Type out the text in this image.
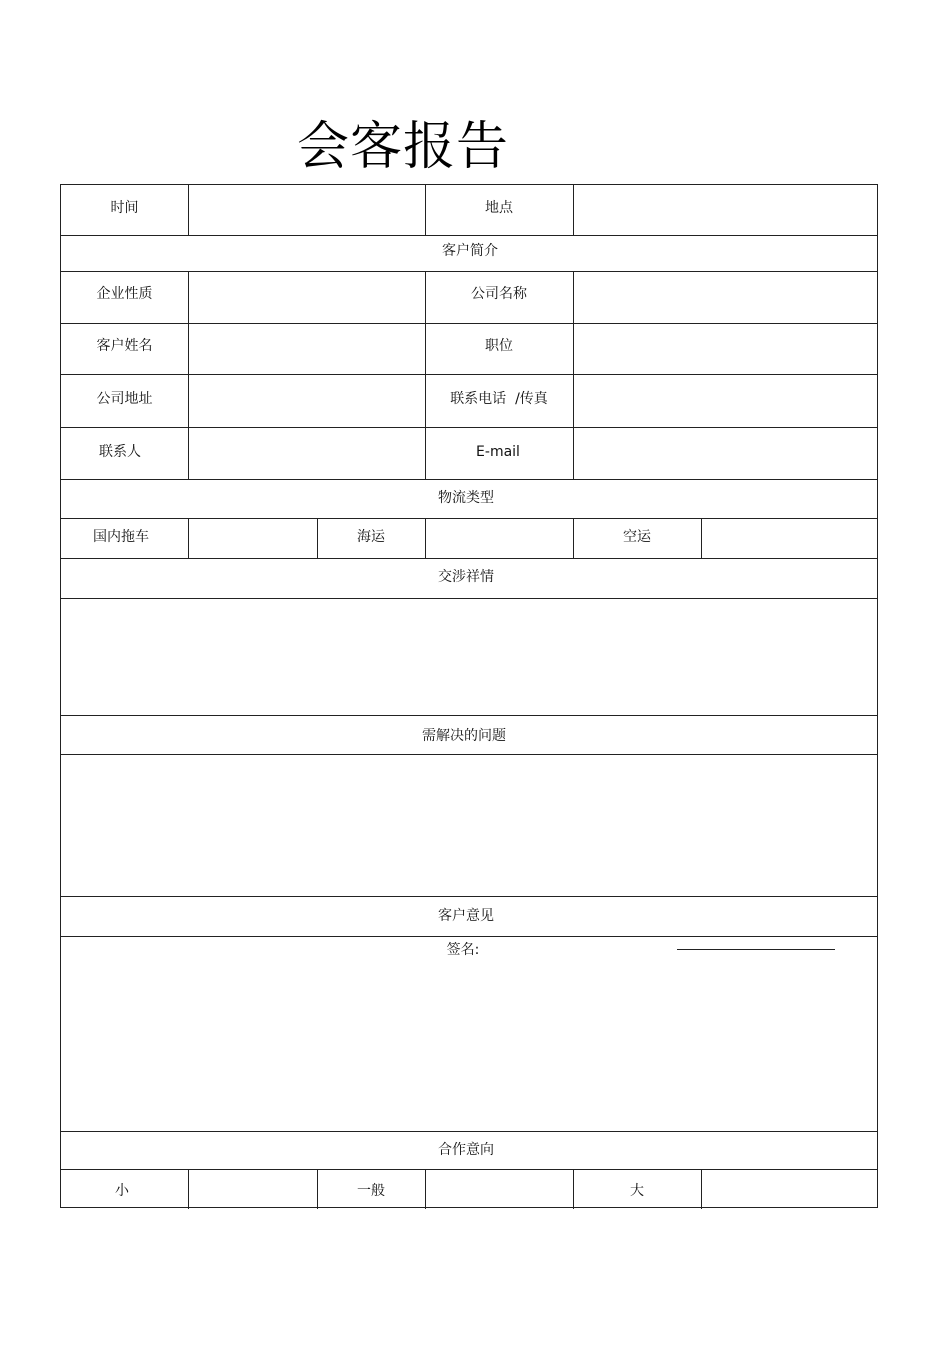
会客报告
时间	地点
客户简介
企业性质	公司名称
客户姓名	职位
公司地址	联系电话  /传真
联系人	E-mail
物流类型
国内拖车	海运	空运
交涉祥情
需解决的问题
客户意见
签名:
合作意向
小	一般	大
